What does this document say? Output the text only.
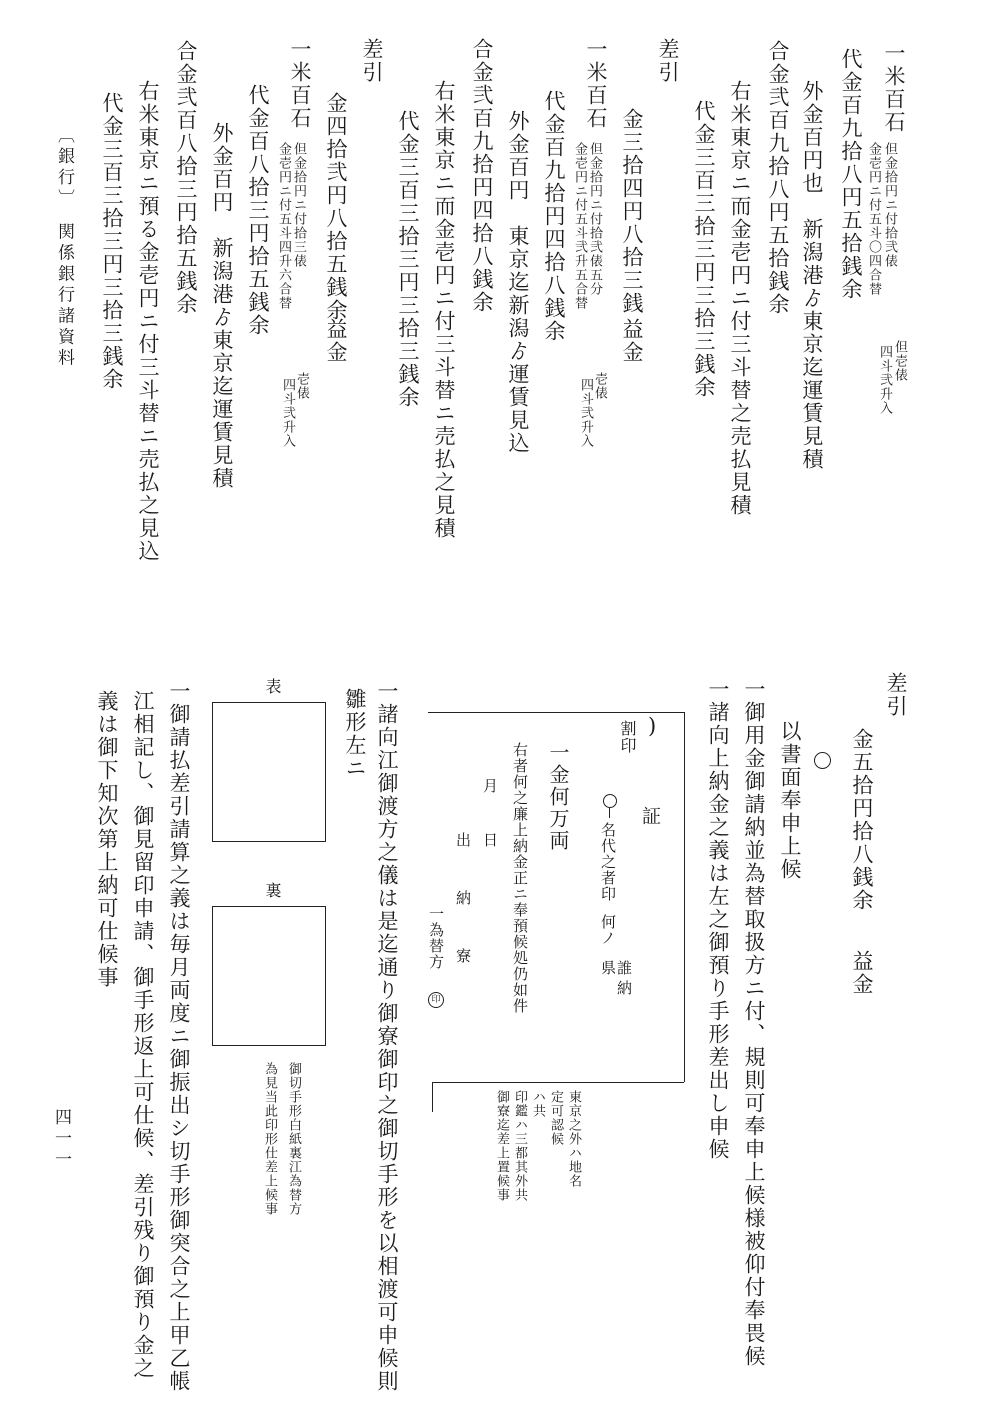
一米百石
但金拾円ニ付拾弐俵
金壱円ニ付五斗〇四合替
但壱俵
四斗弐升入
代金百九拾八円五拾銭余
外金百円也　新潟港ゟ東京迄運賃見積
合金弐百九拾八円五拾銭余
右米東京ニ而金壱円ニ付三斗替之売払見積
代金三百三拾三円三拾三銭余
差引
金三拾四円八拾三銭
益金
一米百石
但金拾円ニ付拾弐俵五分
金壱円ニ付五斗弐升五合替
壱俵
四斗弐升入
代金百九拾円四拾八銭余
外金百円　東京迄新潟ゟ運賃見込
合金弐百九拾円四拾八銭余
右米東京ニ而金壱円ニ付三斗替ニ売払之見積
代金三百三拾三円三拾三銭余
差引
金四拾弐円八拾五銭余
益金
一米百石
但金拾円ニ付拾三俵
金壱円ニ付五斗四升六合替
壱俵
四斗弐升入
代金百八拾三円拾五銭余
外金百円　新潟港ゟ東京迄運賃見積
合金弐百八拾三円拾五銭余
右米東京ニ預る金壱円ニ付三斗替ニ売払之見込
代金三百三拾三円三拾三銭余
〔銀行〕　関係銀行諸資料
差引
金五拾円拾八銭余
益金
以書面奉申上候
一御用金御請納並為替取扱方ニ付、規則可奉申上候様被仰付奉畏候
一諸向上納金之義は左之御預り手形差出し申候
)
割印
証
名代之者印
何ノ
県
誰
納
一金何万両
右者何之廉上納金正ニ奉預候処仍如件
月
日
出　納　寮
一為替方
印
東京之外ハ地名
定可認候
ハ共
印鑑ハ三都其外共
御寮迄差上置候事
一諸向江御渡方之儀は是迄通り御寮御印之御切手形を以相渡可申候則
雛形左ニ
表
裏
御切手形白紙裏江為替方
為見当此印形仕差上候事
一御請払差引請算之義は毎月両度ニ御振出シ切手形御突合之上甲乙帳
江相記し、御見留印申請、御手形返上可仕候、差引残り御預り金之
義は御下知次第上納可仕候事
四一一
